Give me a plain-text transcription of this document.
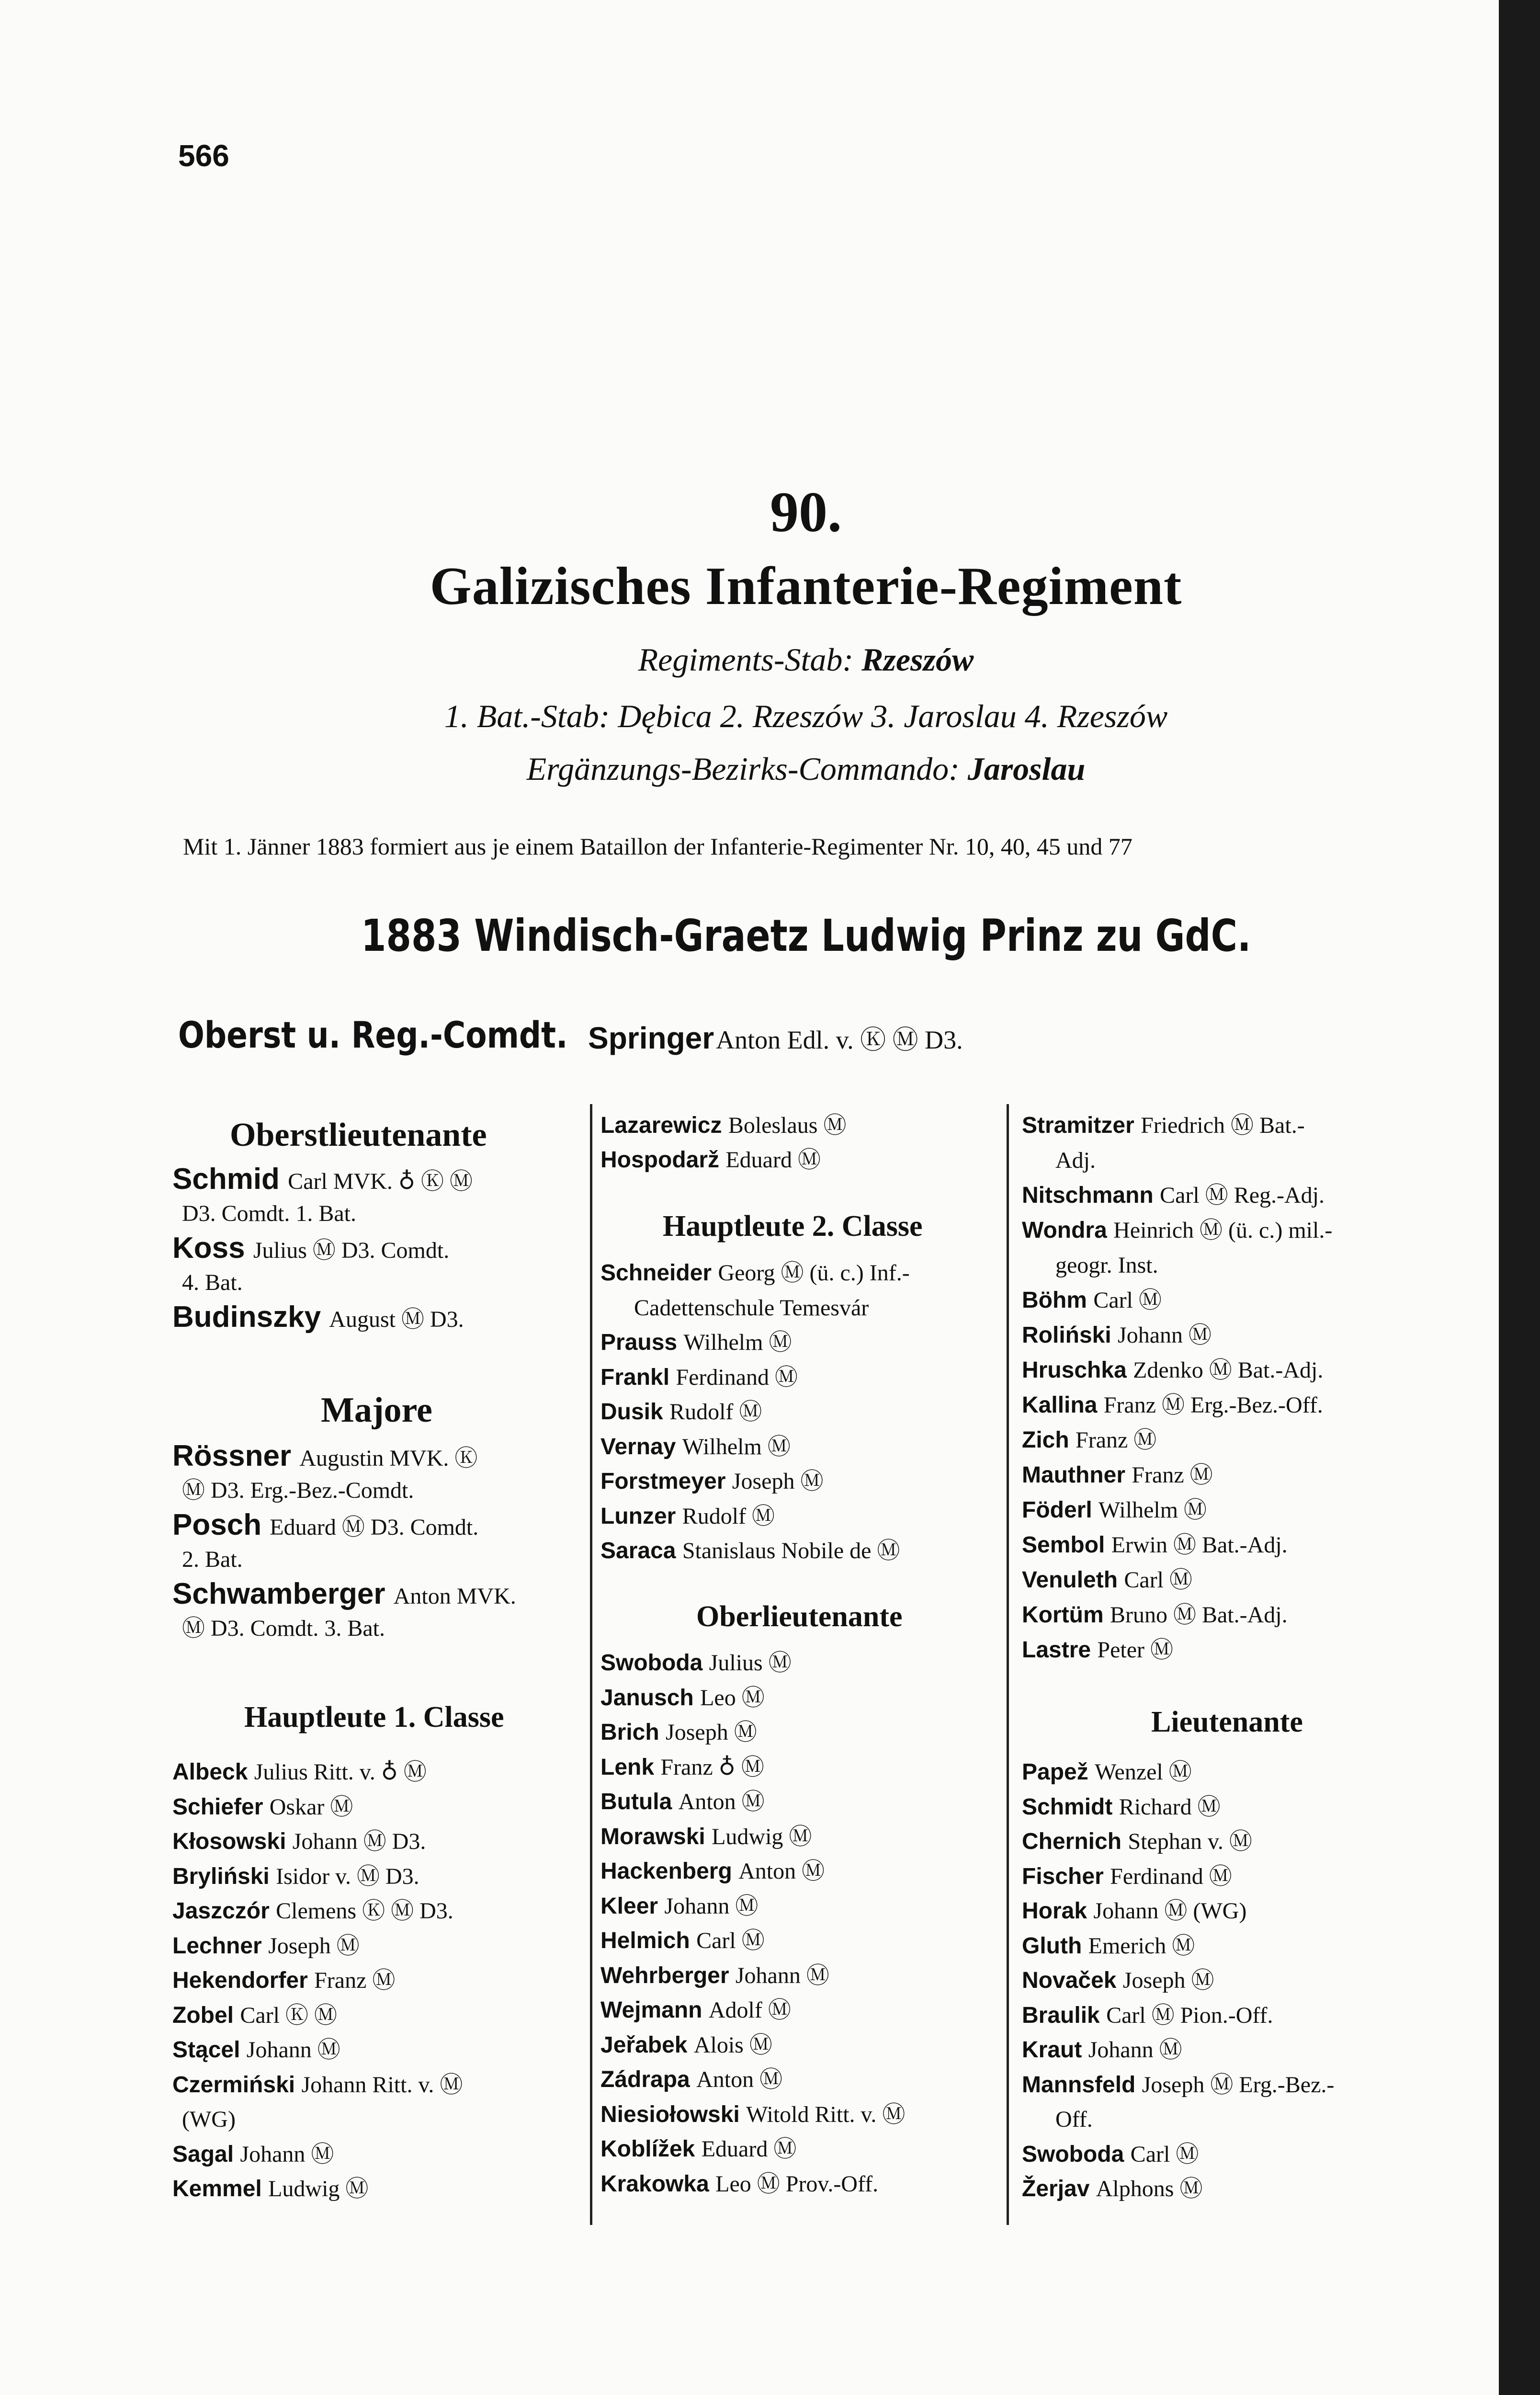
566
90.
Galizisches Infanterie-Regiment
Regiments-Stab: Rzeszów
1. Bat.-Stab: Dębica 2. Rzeszów 3. Jaroslau 4. Rzeszów
Ergänzungs-Bezirks-Commando: Jaroslau
Mit 1. Jänner 1883 formiert aus je einem Bataillon der Infanterie-Regimenter Nr. 10, 40, 45 und 77
1883 Windisch-Graetz Ludwig Prinz zu GdC.
Oberst u. Reg.-Comdt. Springer Anton Edl. v. Ⓚ Ⓜ D3.
Oberstlieutenante
Schmid Carl MVK. ♁ Ⓚ Ⓜ
D3. Comdt. 1. Bat.
Koss Julius Ⓜ D3. Comdt.
4. Bat.
Budinszky August Ⓜ D3.
Majore
Rössner Augustin MVK. Ⓚ
Ⓜ D3. Erg.-Bez.-Comdt.
Posch Eduard Ⓜ D3. Comdt.
2. Bat.
Schwamberger Anton MVK.
Ⓜ D3. Comdt. 3. Bat.
Hauptleute 1. Classe
Albeck Julius Ritt. v. ♁ Ⓜ
Schiefer Oskar Ⓜ
Kłosowski Johann Ⓜ D3.
Bryliński Isidor v. Ⓜ D3.
Jaszczór Clemens Ⓚ Ⓜ D3.
Lechner Joseph Ⓜ
Hekendorfer Franz Ⓜ
Zobel Carl Ⓚ Ⓜ
Stącel Johann Ⓜ
Czermiński Johann Ritt. v. Ⓜ
(WG)
Sagal Johann Ⓜ
Kemmel Ludwig Ⓜ
Lazarewicz Boleslaus Ⓜ
Hospodarž Eduard Ⓜ
Hauptleute 2. Classe
Schneider Georg Ⓜ (ü. c.) Inf.-
Cadettenschule Temesvár
Prauss Wilhelm Ⓜ
Frankl Ferdinand Ⓜ
Dusik Rudolf Ⓜ
Vernay Wilhelm Ⓜ
Forstmeyer Joseph Ⓜ
Lunzer Rudolf Ⓜ
Saraca Stanislaus Nobile de Ⓜ
Oberlieutenante
Swoboda Julius Ⓜ
Janusch Leo Ⓜ
Brich Joseph Ⓜ
Lenk Franz ♁ Ⓜ
Butula Anton Ⓜ
Morawski Ludwig Ⓜ
Hackenberg Anton Ⓜ
Kleer Johann Ⓜ
Helmich Carl Ⓜ
Wehrberger Johann Ⓜ
Wejmann Adolf Ⓜ
Jeřabek Alois Ⓜ
Zádrapa Anton Ⓜ
Niesiołowski Witold Ritt. v. Ⓜ
Koblížek Eduard Ⓜ
Krakowka Leo Ⓜ Prov.-Off.
Stramitzer Friedrich Ⓜ Bat.-
Adj.
Nitschmann Carl Ⓜ Reg.-Adj.
Wondra Heinrich Ⓜ (ü. c.) mil.-
geogr. Inst.
Böhm Carl Ⓜ
Roliński Johann Ⓜ
Hruschka Zdenko Ⓜ Bat.-Adj.
Kallina Franz Ⓜ Erg.-Bez.-Off.
Zich Franz Ⓜ
Mauthner Franz Ⓜ
Föderl Wilhelm Ⓜ
Sembol Erwin Ⓜ Bat.-Adj.
Venuleth Carl Ⓜ
Kortüm Bruno Ⓜ Bat.-Adj.
Lastre Peter Ⓜ
Lieutenante
Papež Wenzel Ⓜ
Schmidt Richard Ⓜ
Chernich Stephan v. Ⓜ
Fischer Ferdinand Ⓜ
Horak Johann Ⓜ (WG)
Gluth Emerich Ⓜ
Novaček Joseph Ⓜ
Braulik Carl Ⓜ Pion.-Off.
Kraut Johann Ⓜ
Mannsfeld Joseph Ⓜ Erg.-Bez.-
Off.
Swoboda Carl Ⓜ
Žerjav Alphons Ⓜ
